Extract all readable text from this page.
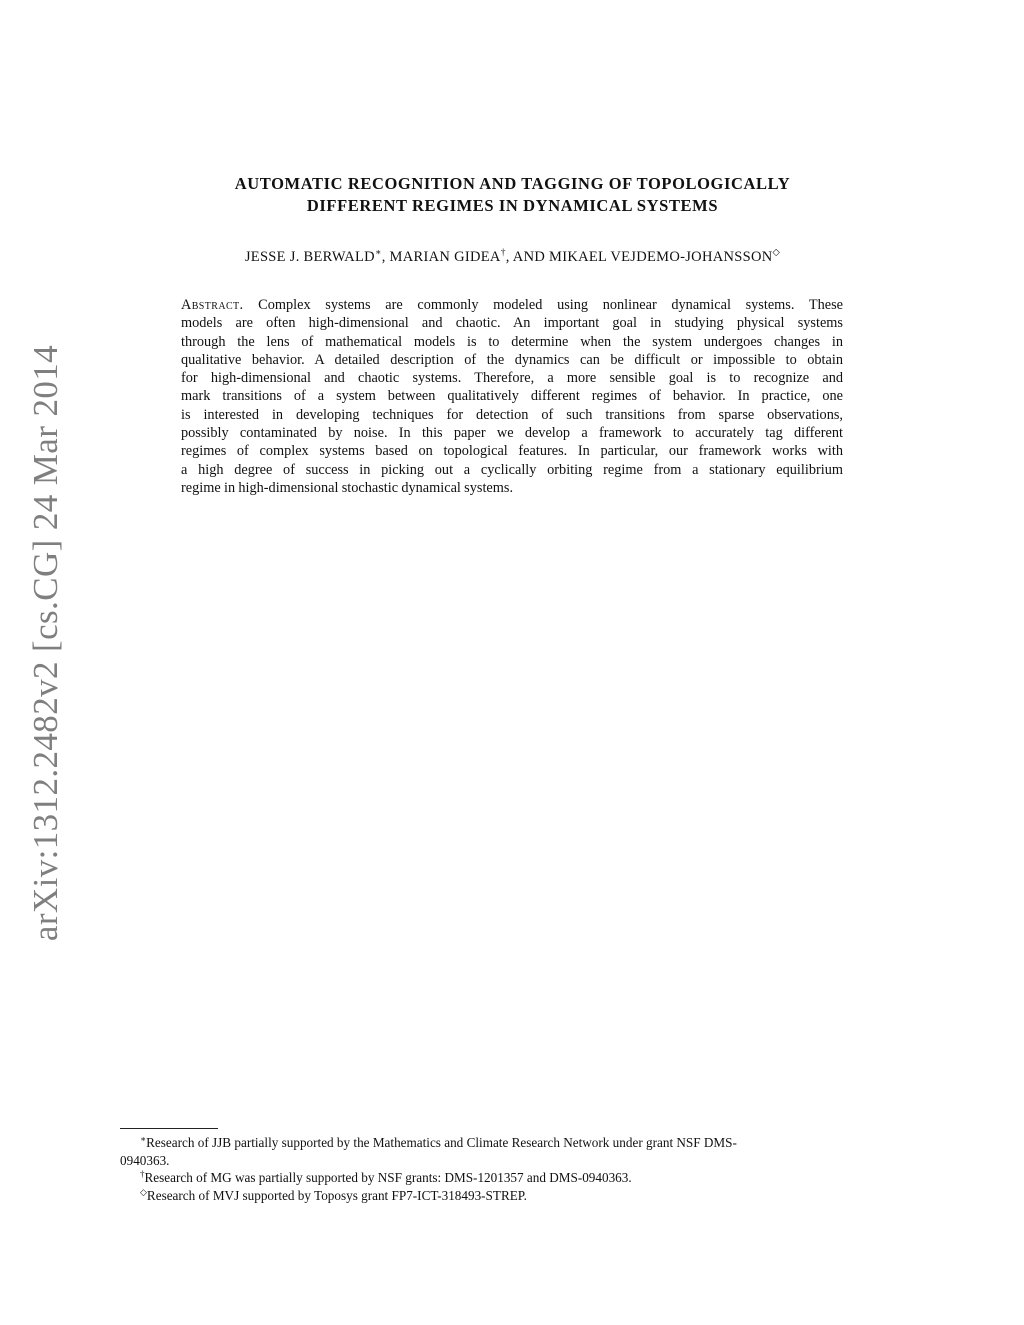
arXiv:1312.2482v2 [cs.CG] 24 Mar 2014
AUTOMATIC RECOGNITION AND TAGGING OF TOPOLOGICALLY
DIFFERENT REGIMES IN DYNAMICAL SYSTEMS
JESSE J. BERWALD∗, MARIAN GIDEA†, AND MIKAEL VEJDEMO-JOHANSSON◇
Abstract. Complex systems are commonly modeled using nonlinear dynamical systems. These
models are often high-dimensional and chaotic. An important goal in studying physical systems
through the lens of mathematical models is to determine when the system undergoes changes in
qualitative behavior. A detailed description of the dynamics can be difficult or impossible to obtain
for high-dimensional and chaotic systems. Therefore, a more sensible goal is to recognize and
mark transitions of a system between qualitatively different regimes of behavior. In practice, one
is interested in developing techniques for detection of such transitions from sparse observations,
possibly contaminated by noise. In this paper we develop a framework to accurately tag different
regimes of complex systems based on topological features. In particular, our framework works with
a high degree of success in picking out a cyclically orbiting regime from a stationary equilibrium
regime in high-dimensional stochastic dynamical systems.
∗Research of JJB partially supported by the Mathematics and Climate Research Network under grant NSF DMS-
0940363.
†Research of MG was partially supported by NSF grants: DMS-1201357 and DMS-0940363.
◇Research of MVJ supported by Toposys grant FP7-ICT-318493-STREP.
